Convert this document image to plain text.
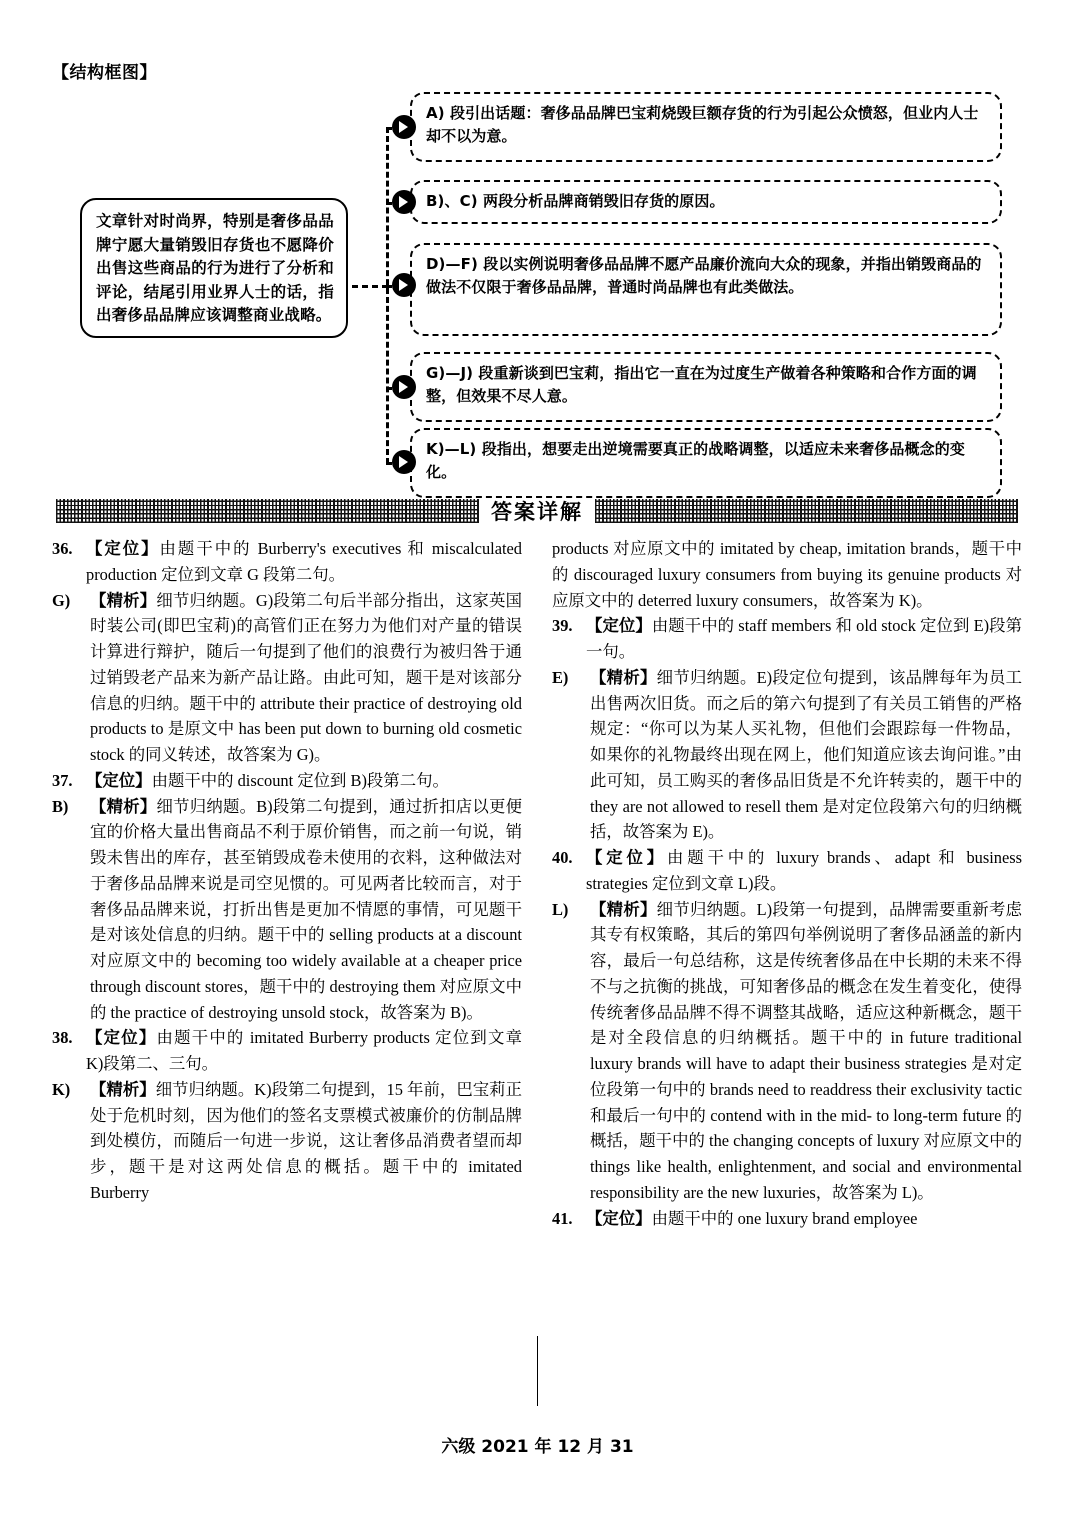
【结构框图】
文章针对时尚界，特别是奢侈品品牌宁愿大量销毁旧存货也不愿降价出售这些商品的行为进行了分析和评论，结尾引用业界人士的话，指出奢侈品品牌应该调整商业战略。
A) 段引出话题：奢侈品品牌巴宝莉烧毁巨额存货的行为引起公众愤怒，但业内人士却不以为意。
B)、C) 两段分析品牌商销毁旧存货的原因。
D)—F) 段以实例说明奢侈品品牌不愿产品廉价流向大众的现象，并指出销毁商品的做法不仅限于奢侈品品牌，普通时尚品牌也有此类做法。
G)—J) 段重新谈到巴宝莉，指出它一直在为过度生产做着各种策略和合作方面的调整，但效果不尽人意。
K)—L) 段指出，想要走出逆境需要真正的战略调整，以适应未来奢侈品概念的变化。
答案详解
36. 【定位】由题干中的 Burberry's executives 和 miscalculated production 定位到文章 G 段第二句。
G)	【精析】细节归纳题。G)段第二句后半部分指出，这家英国时装公司(即巴宝莉)的高管们正在努力为他们对产量的错误计算进行辩护，随后一句提到了他们的浪费行为被归咎于通过销毁老产品来为新产品让路。由此可知，题干是对该部分信息的归纳。题干中的 attribute their practice of destroying old products to 是原文中 has been put down to burning old cosmetic stock 的同义转述，故答案为 G)。
37. 【定位】由题干中的 discount 定位到 B)段第二句。
B)	【精析】细节归纳题。B)段第二句提到，通过折扣店以更便宜的价格大量出售商品不利于原价销售，而之前一句说，销毁未售出的库存，甚至销毁成卷未使用的衣料，这种做法对于奢侈品品牌来说是司空见惯的。可见两者比较而言，对于奢侈品品牌来说，打折出售是更加不情愿的事情，可见题干是对该处信息的归纳。题干中的 selling products at a discount 对应原文中的 becoming too widely available at a cheaper price through discount stores，题干中的 destroying them 对应原文中的 the practice of destroying unsold stock，故答案为 B)。
38. 【定位】由题干中的 imitated Burberry products 定位到文章 K)段第二、三句。
K)	【精析】细节归纳题。K)段第二句提到，15 年前，巴宝莉正处于危机时刻，因为他们的签名支票模式被廉价的仿制品牌到处模仿，而随后一句进一步说，这让奢侈品消费者望而却步，题干是对这两处信息的概括。题干中的 imitated Burberry
products 对应原文中的 imitated by cheap, imitation brands，题干中的 discouraged luxury consumers from buying its genuine products 对应原文中的 deterred luxury consumers，故答案为 K)。
39. 【定位】由题干中的 staff members 和 old stock 定位到 E)段第一句。
E)	【精析】细节归纳题。E)段定位句提到，该品牌每年为员工出售两次旧货。而之后的第六句提到了有关员工销售的严格规定：“你可以为某人买礼物，但他们会跟踪每一件物品，如果你的礼物最终出现在网上，他们知道应该去询问谁。”由此可知，员工购买的奢侈品旧货是不允许转卖的，题干中的 they are not allowed to resell them 是对定位段第六句的归纳概括，故答案为 E)。
40. 【定位】由题干中的 luxury brands、adapt 和 business strategies 定位到文章 L)段。
L)	【精析】细节归纳题。L)段第一句提到，品牌需要重新考虑其专有权策略，其后的第四句举例说明了奢侈品涵盖的新内容，最后一句总结称，这是传统奢侈品在中长期的未来不得不与之抗衡的挑战，可知奢侈品的概念在发生着变化，使得传统奢侈品品牌不得不调整其战略，适应这种新概念，题干是对全段信息的归纳概括。题干中的 in future traditional luxury brands will have to adapt their business strategies 是对定位段第一句中的 brands need to readdress their exclusivity tactic 和最后一句中的 contend with in the mid- to long-term future 的概括，题干中的 the changing concepts of luxury 对应原文中的 things like health, enlightenment, and social and environmental responsibility are the new luxuries，故答案为 L)。
41. 【定位】由题干中的 one luxury brand employee
六级 2021 年 12 月 31
